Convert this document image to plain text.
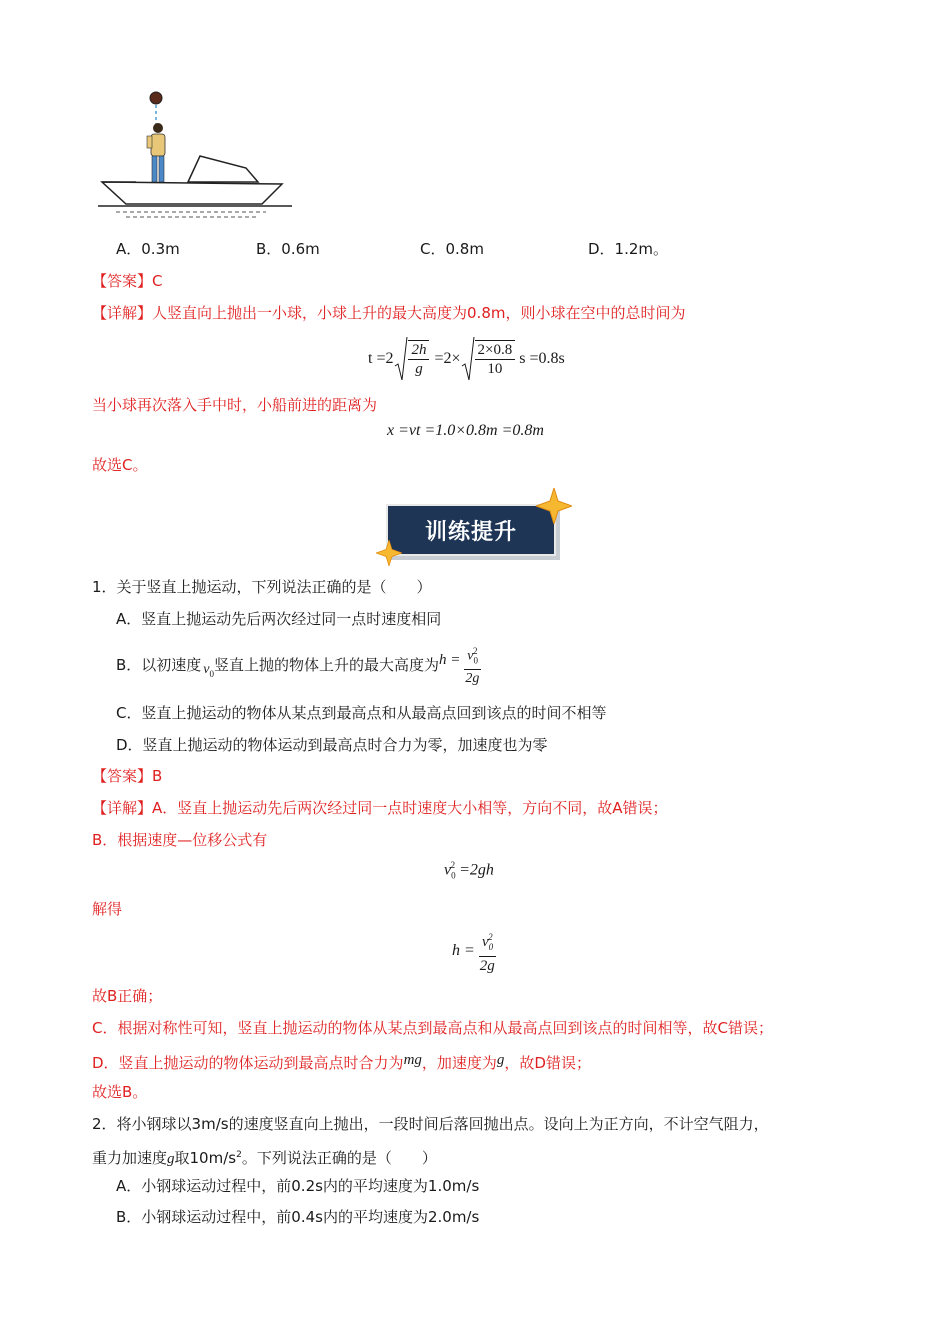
A．0.3m	B．0.6m	C．0.8m	D．1.2m。
【答案】C
【详解】人竖直向上抛出一小球，小球上升的最大高度为0.8m，则小球在空中的总时间为
$t =2 \frac{2h}{g} =2\times \frac{2\times 0.8}{10}$ s =0.8s
当小球再次落入手中时，小船前进的距离为
x =vt =1.0×0.8m =0.8m
故选C。
训练提升
1．关于竖直上抛运动，下列说法正确的是（　　）
A．竖直上抛运动先后两次经过同一点时速度相同
B．以初速度 $v_0$ 竖直上抛的物体上升的最大高度为 $h = \frac{v_0^2}{2g}$
C．竖直上抛运动的物体从某点到最高点和从最高点回到该点的时间不相等
D．竖直上抛运动的物体运动到最高点时合力为零，加速度也为零
【答案】B
【详解】A．竖直上抛运动先后两次经过同一点时速度大小相等，方向不同，故A错误；
B．根据速度—位移公式有
$v_0^2 =2gh$
解得
$h = \frac{v_0^2}{2g}$
故B正确；
C．根据对称性可知，竖直上抛运动的物体从某点到最高点和从最高点回到该点的时间相等，故C错误；
D．竖直上抛运动的物体运动到最高点时合力为mg，加速度为g，故D错误；
故选B。
2．将小钢球以3m/s的速度竖直向上抛出，一段时间后落回抛出点。设向上为正方向，不计空气阻力，
重力加速度g取$10m/s^2$。下列说法正确的是（　　）
A．小钢球运动过程中，前0.2s内的平均速度为1.0m/s
B．小钢球运动过程中，前0.4s内的平均速度为2.0m/s
